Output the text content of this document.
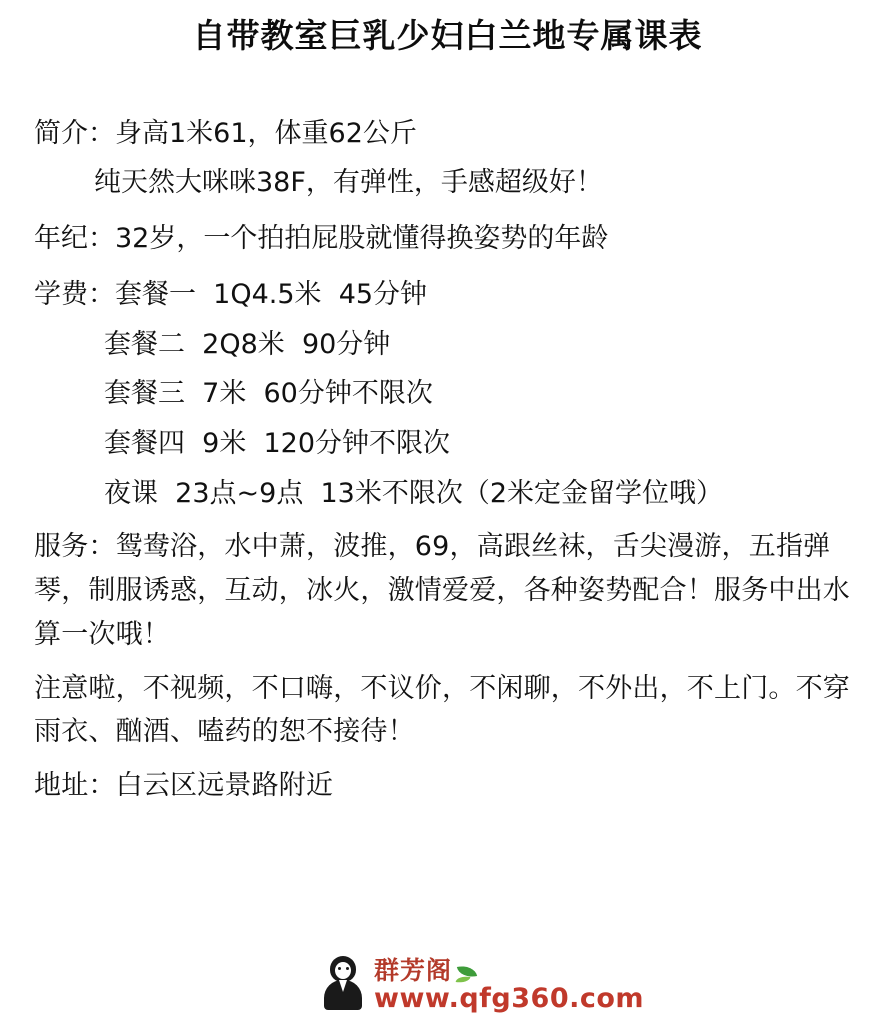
自带教室巨乳少妇白兰地专属课表
简介：身高1米61，体重62公斤
纯天然大咪咪38F，有弹性，手感超级好！
年纪：32岁，一个拍拍屁股就懂得换姿势的年龄
学费：套餐一  1Q4.5米  45分钟
套餐二  2Q8米  90分钟
套餐三  7米  60分钟不限次
套餐四  9米  120分钟不限次
夜课  23点~9点  13米不限次（2米定金留学位哦）
服务：鸳鸯浴，水中萧，波推，69，高跟丝袜，舌尖漫游，五指弹琴，制服诱惑，互动，冰火，激情爱爱，各种姿势配合！服务中出水算一次哦！
注意啦，不视频，不口嗨，不议价，不闲聊，不外出，不上门。不穿雨衣、酗酒、嗑药的恕不接待！
地址：白云区远景路附近
群芳阁
www.qfg360.com
